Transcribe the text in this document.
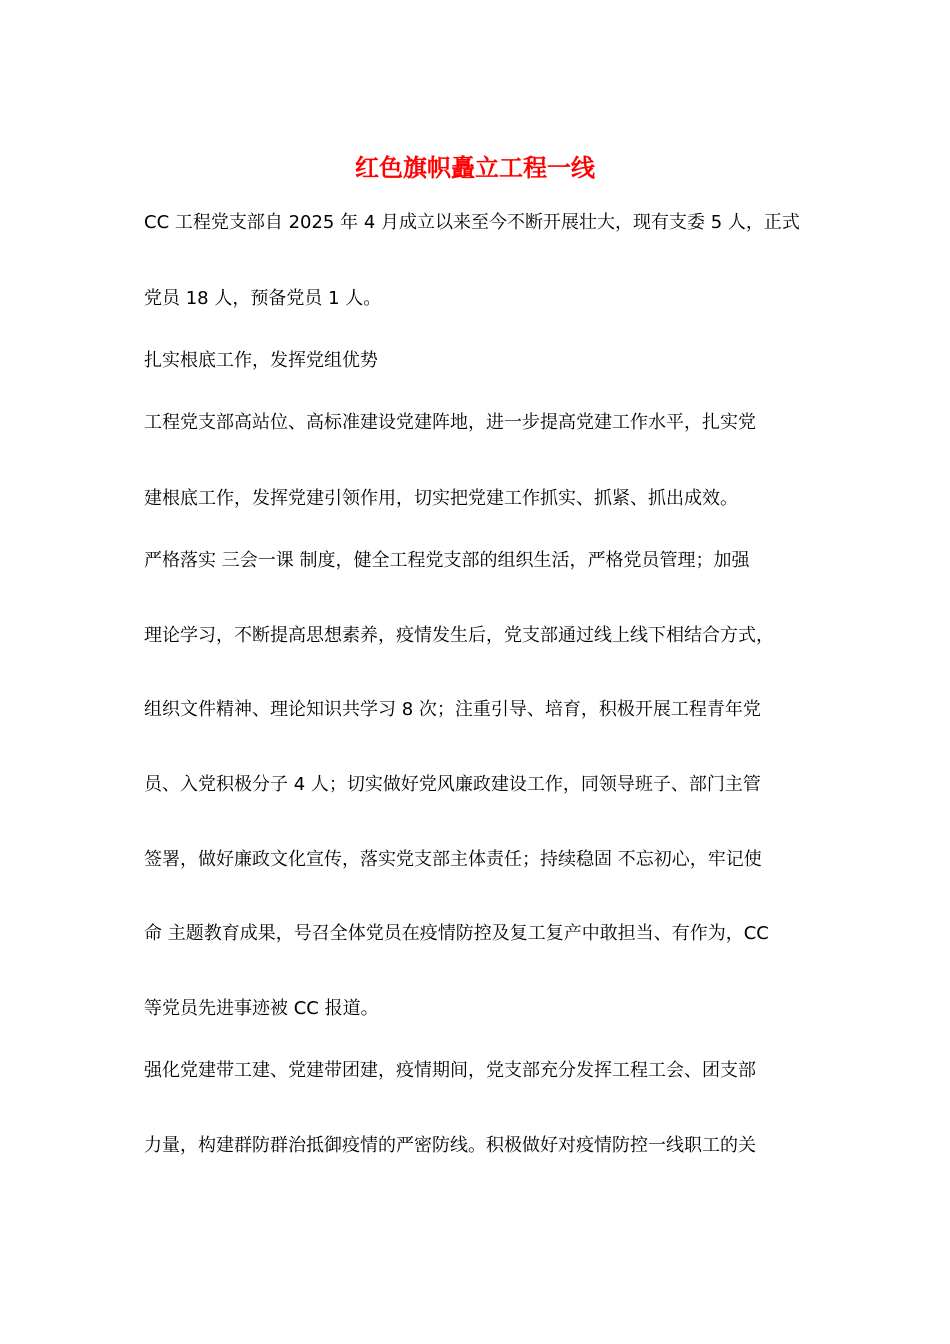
红色旗帜矗立工程一线
CC 工程党支部自 2025 年 4 月成立以来至今不断开展壮大，现有支委 5 人，正式
党员 18 人，预备党员 1 人。
扎实根底工作，发挥党组优势
工程党支部高站位、高标准建设党建阵地，进一步提高党建工作水平，扎实党
建根底工作，发挥党建引领作用，切实把党建工作抓实、抓紧、抓出成效。
严格落实 三会一课 制度，健全工程党支部的组织生活，严格党员管理；加强
理论学习，不断提高思想素养，疫情发生后，党支部通过线上线下相结合方式，
组织文件精神、理论知识共学习 8 次；注重引导、培育，积极开展工程青年党
员、入党积极分子 4 人；切实做好党风廉政建设工作，同领导班子、部门主管
签署，做好廉政文化宣传，落实党支部主体责任；持续稳固 不忘初心，牢记使
命 主题教育成果，号召全体党员在疫情防控及复工复产中敢担当、有作为，CC
等党员先进事迹被 CC 报道。
强化党建带工建、党建带团建，疫情期间，党支部充分发挥工程工会、团支部
力量，构建群防群治抵御疫情的严密防线。积极做好对疫情防控一线职工的关
